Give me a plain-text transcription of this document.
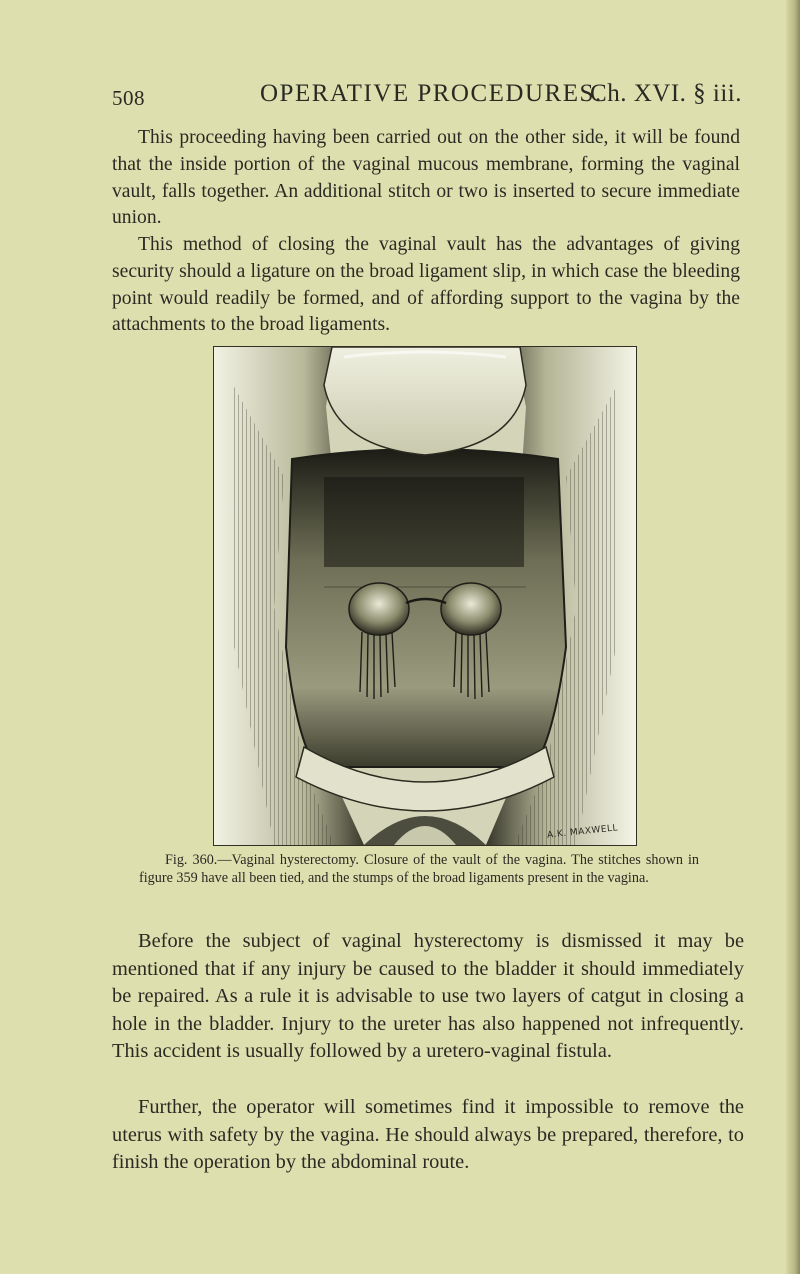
508	OPERATIVE PROCEDURES.
Ch. XVI. § iii.

This proceeding having been carried out on the other side, it will be found that the inside portion of the vaginal mucous membrane, forming the vaginal vault, falls together. An additional stitch or two is inserted to secure immediate union.

This method of closing the vaginal vault has the advantages of giving security should a ligature on the broad ligament slip, in which case the bleeding point would readily be formed, and of affording support to the vagina by the attachments to the broad ligaments.

A.K. MAXWELL

Fig. 360.—Vaginal hysterectomy. Closure of the vault of the vagina. The stitches shown in figure 359 have all been tied, and the stumps of the broad ligaments present in the vagina.

Before the subject of vaginal hysterectomy is dismissed it may be mentioned that if any injury be caused to the bladder it should immediately be repaired. As a rule it is advisable to use two layers of catgut in closing a hole in the bladder. Injury to the ureter has also happened not infrequently. This accident is usually followed by a uretero-vaginal fistula.

Further, the operator will sometimes find it impossible to remove the uterus with safety by the vagina. He should always be prepared, therefore, to finish the operation by the abdominal route.
